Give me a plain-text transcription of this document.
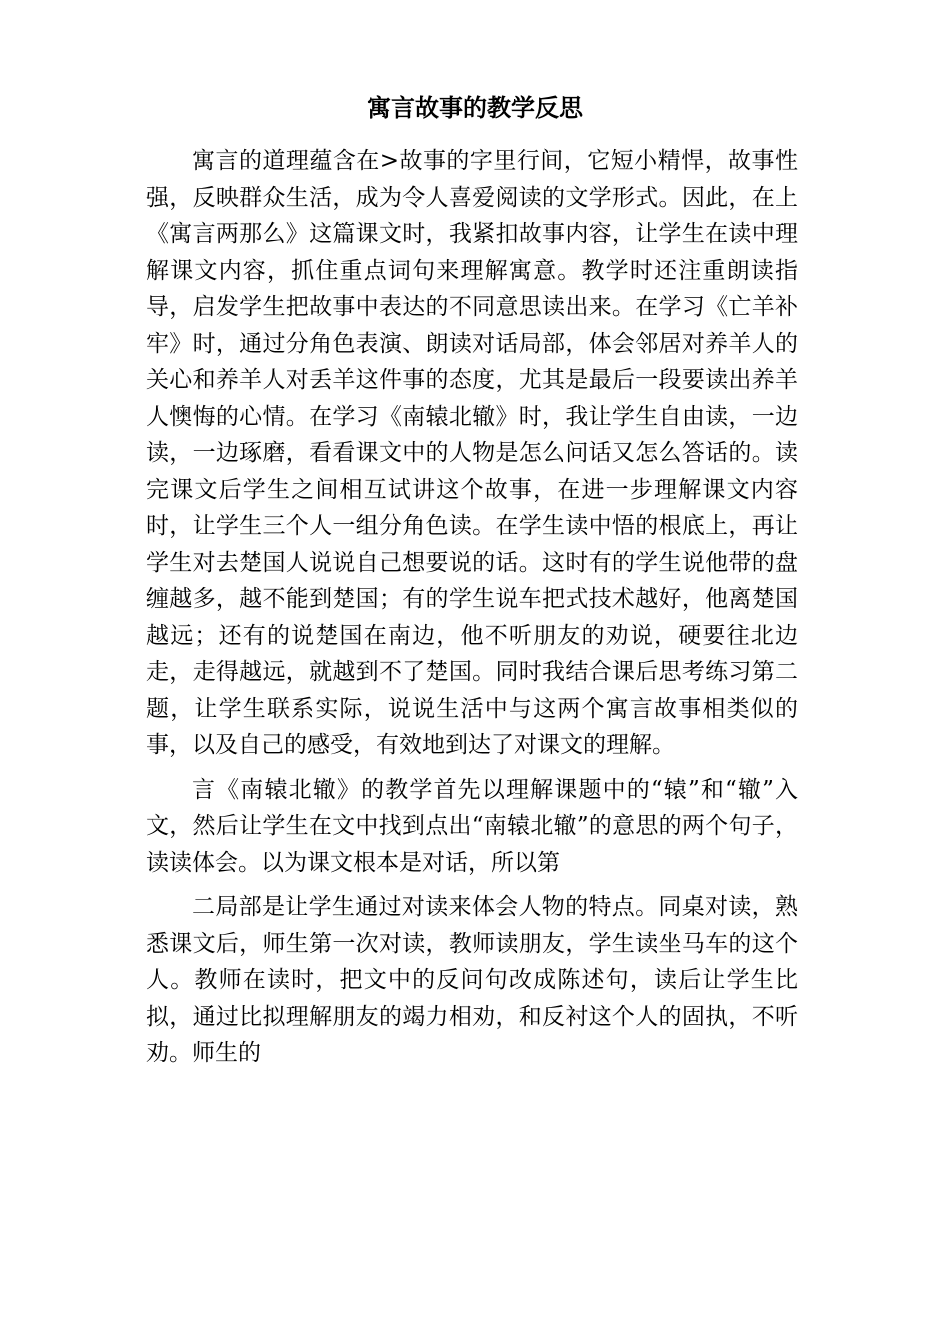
寓言故事的教学反思

寓言的道理蕴含在>故事的字里行间，它短小精悍，故事性强，反映群众生活，成为令人喜爱阅读的文学形式。因此，在上《寓言两那么》这篇课文时，我紧扣故事内容，让学生在读中理解课文内容，抓住重点词句来理解寓意。教学时还注重朗读指导，启发学生把故事中表达的不同意思读出来。在学习《亡羊补牢》时，通过分角色表演、朗读对话局部，体会邻居对养羊人的关心和养羊人对丢羊这件事的态度，尤其是最后一段要读出养羊人懊悔的心情。在学习《南辕北辙》时，我让学生自由读，一边读，一边琢磨，看看课文中的人物是怎么问话又怎么答话的。读完课文后学生之间相互试讲这个故事，在进一步理解课文内容时，让学生三个人一组分角色读。在学生读中悟的根底上，再让学生对去楚国人说说自己想要说的话。这时有的学生说他带的盘缠越多，越不能到楚国；有的学生说车把式技术越好，他离楚国越远；还有的说楚国在南边，他不听朋友的劝说，硬要往北边走，走得越远，就越到不了楚国。同时我结合课后思考练习第二题，让学生联系实际，说说生活中与这两个寓言故事相类似的事，以及自己的感受，有效地到达了对课文的理解。

言《南辕北辙》的教学首先以理解课题中的“辕”和“辙”入文，然后让学生在文中找到点出“南辕北辙”的意思的两个句子，读读体会。以为课文根本是对话，所以第

二局部是让学生通过对读来体会人物的特点。同桌对读，熟悉课文后，师生第一次对读，教师读朋友，学生读坐马车的这个人。教师在读时，把文中的反问句改成陈述句，读后让学生比拟，通过比拟理解朋友的竭力相劝，和反衬这个人的固执，不听劝。师生的
